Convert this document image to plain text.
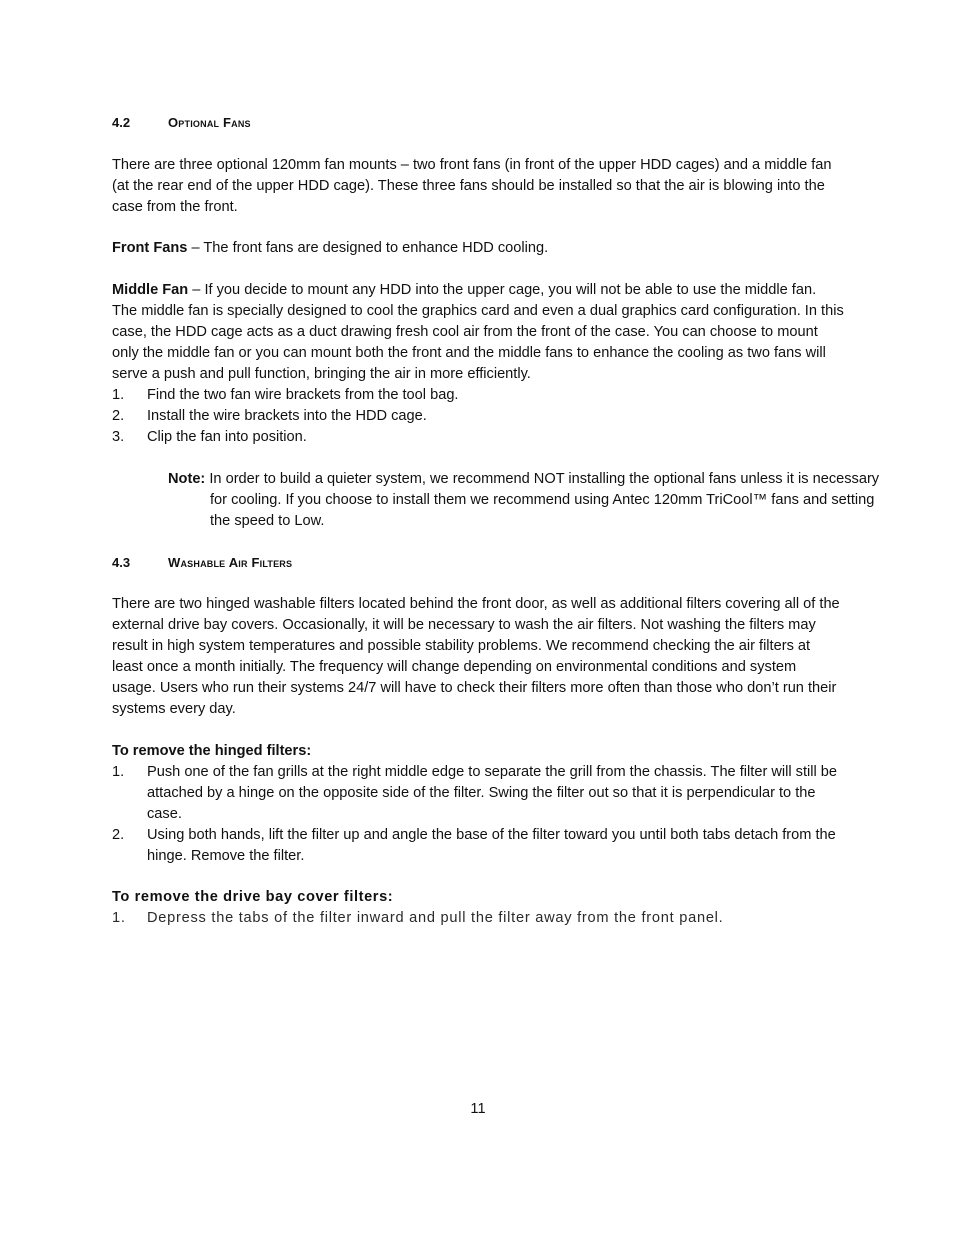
4.2	Optional Fans

There are three optional 120mm fan mounts – two front fans (in front of the upper HDD cages) and a middle fan (at the rear end of the upper HDD cage). These three fans should be installed so that the air is blowing into the case from the front.

Front Fans – The front fans are designed to enhance HDD cooling.

Middle Fan – If you decide to mount any HDD into the upper cage, you will not be able to use the middle fan. The middle fan is specially designed to cool the graphics card and even a dual graphics card configuration. In this case, the HDD cage acts as a duct drawing fresh cool air from the front of the case. You can choose to mount only the middle fan or you can mount both the front and the middle fans to enhance the cooling as two fans will serve a push and pull function, bringing the air in more efficiently.

1. Find the two fan wire brackets from the tool bag.
2. Install the wire brackets into the HDD cage.
3. Clip the fan into position.
Note: In order to build a quieter system, we recommend NOT installing the optional fans unless it is necessary for cooling. If you choose to install them we recommend using Antec 120mm TriCool™ fans and setting the speed to Low.
4.3	Washable Air Filters

There are two hinged washable filters located behind the front door, as well as additional filters covering all of the external drive bay covers. Occasionally, it will be necessary to wash the air filters. Not washing the filters may result in high system temperatures and possible stability problems. We recommend checking the air filters at least once a month initially. The frequency will change depending on environmental conditions and system usage. Users who run their systems 24/7 will have to check their filters more often than those who don’t run their systems every day.

To remove the hinged filters:
1. Push one of the fan grills at the right middle edge to separate the grill from the chassis. The filter will still be attached by a hinge on the opposite side of the filter. Swing the filter out so that it is perpendicular to the case.
2. Using both hands, lift the filter up and angle the base of the filter toward you until both tabs detach from the hinge. Remove the filter.
To remove the drive bay cover filters:
1. Depress the tabs of the filter inward and pull the filter away from the front panel.
11
